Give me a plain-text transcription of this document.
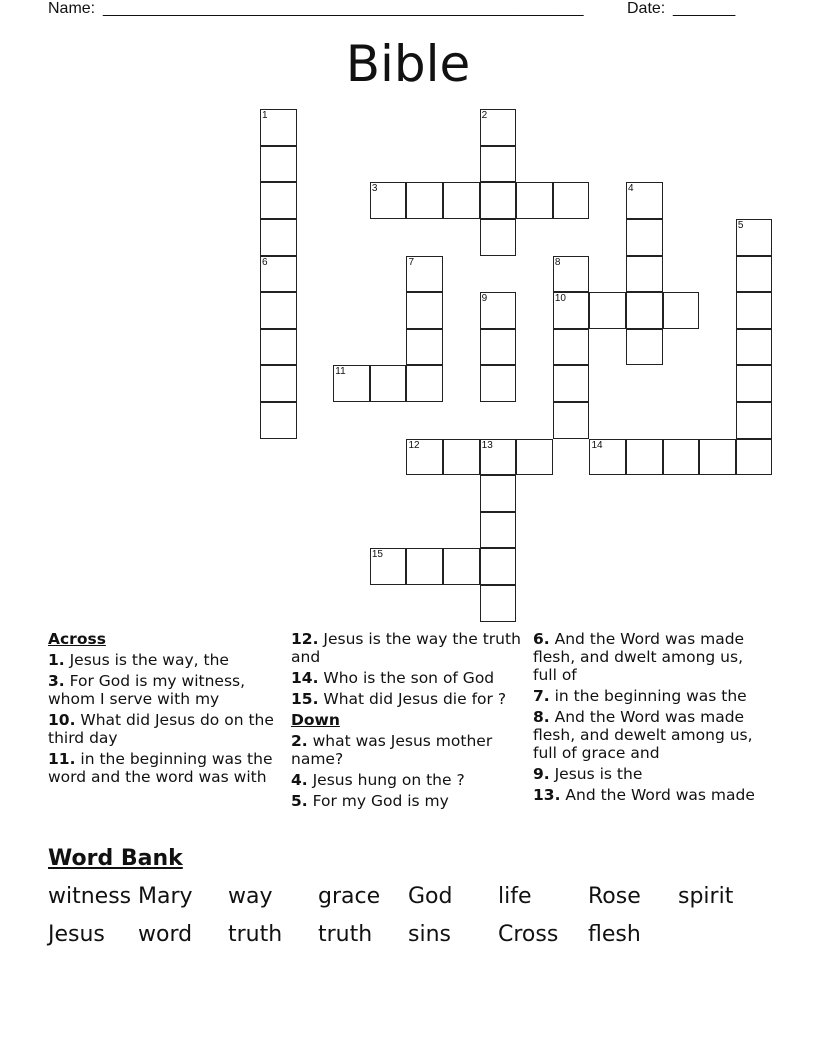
Name: ______________________________________________________	Date: _______
Bible
1	2
3	4
5
6	7	8
10
9
11
12	13	14
15
Across
1. Jesus is the way, the
3. For God is my witness, whom I serve with my
10. What did Jesus do on the third day
11. in the beginning was the word and the word was with
12. Jesus is the way the truth and
14. Who is the son of God
15. What did Jesus die for ?
Down
2. what was Jesus mother name?
4. Jesus hung on the ?
5. For my God is my
6. And the Word was made flesh, and dwelt among us, full of
7. in the beginning was the
8. And the Word was made flesh, and dewelt among us, full of grace and
9. Jesus is the
13. And the Word was made
Word Bank
witness Mary way grace God life	Rose spirit
Jesus word truth truth sins Cross flesh
